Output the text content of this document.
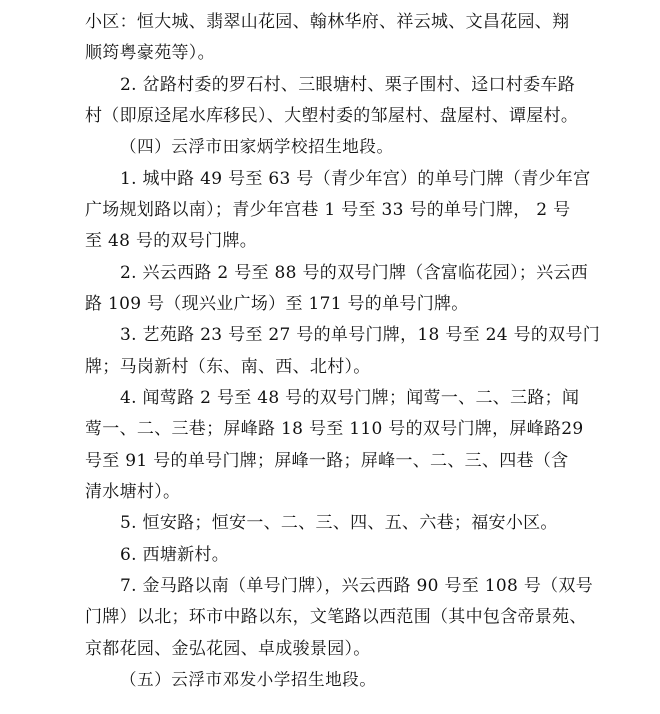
小区：恒大城、翡翠山花园、翰林华府、祥云城、文昌花园、翔
顺筠粤豪苑等）。
2. 岔路村委的罗石村、三眼塘村、栗子围村、迳口村委车路
村（即原迳尾水库移民）、大塱村委的邹屋村、盘屋村、谭屋村。
（四）云浮市田家炳学校招生地段。
1. 城中路 49 号至 63 号（青少年宫）的单号门牌（青少年宫
广场规划路以南）；青少年宫巷 1 号至 33 号的单号门牌， 2 号
至 48 号的双号门牌。
2. 兴云西路 2 号至 88 号的双号门牌（含富临花园）；兴云西
路 109 号（现兴业广场）至 171 号的单号门牌。
3. 艺苑路 23 号至 27 号的单号门牌，18 号至 24 号的双号门
牌；马岗新村（东、南、西、北村）。
4. 闻莺路 2 号至 48 号的双号门牌；闻莺一、二、三路；闻
莺一、二、三巷；屏峰路 18 号至 110 号的双号门牌，屏峰路29
号至 91 号的单号门牌；屏峰一路；屏峰一、二、三、四巷（含
清水塘村）。
5. 恒安路；恒安一、二、三、四、五、六巷；福安小区。
6. 西塘新村。
7. 金马路以南（单号门牌），兴云西路 90 号至 108 号（双号
门牌）以北；环市中路以东，文笔路以西范围（其中包含帝景苑、
京都花园、金弘花园、卓成骏景园）。
（五）云浮市邓发小学招生地段。
